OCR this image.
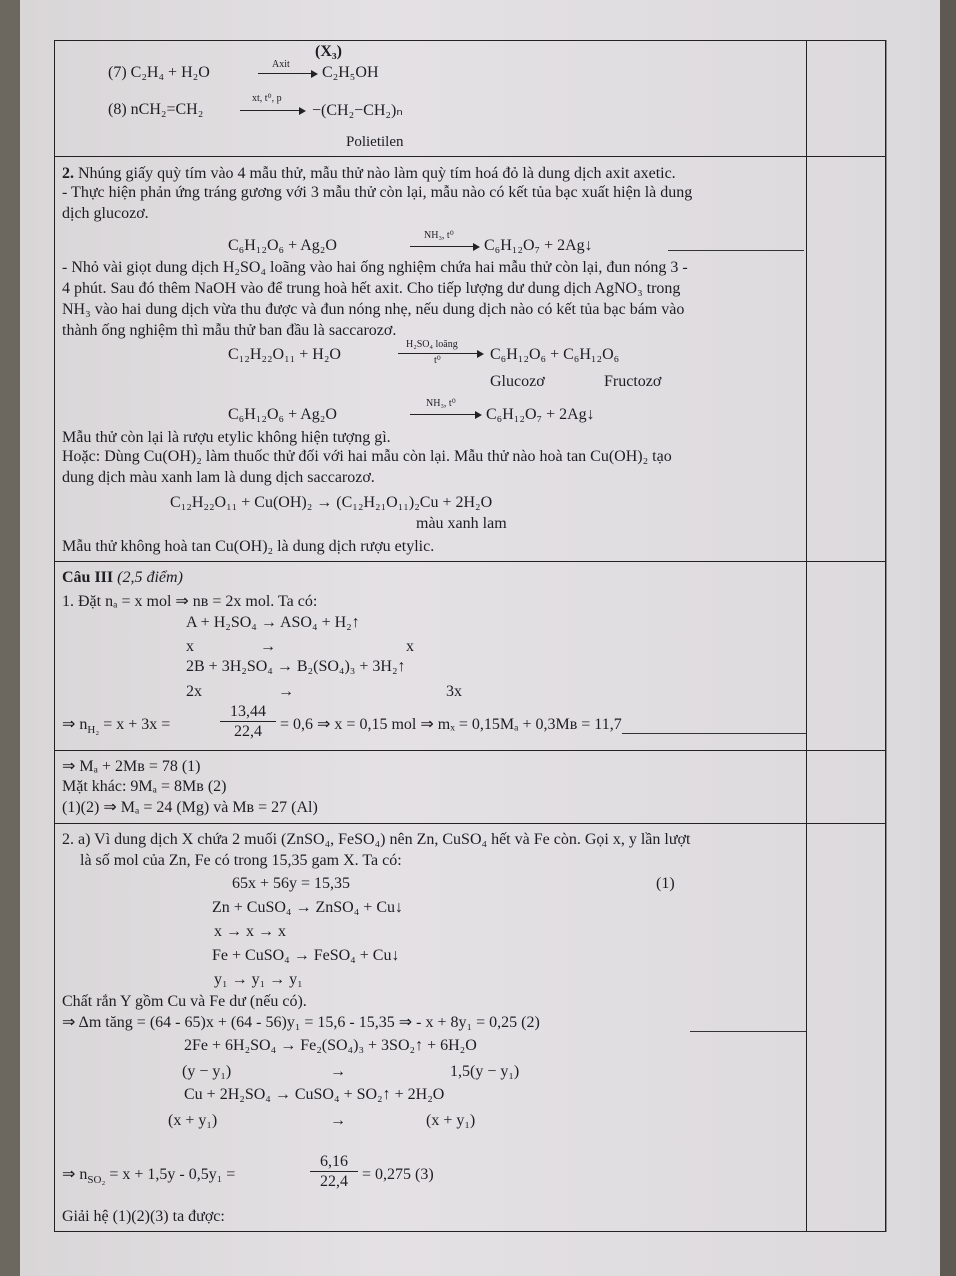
(X₃)
(7) C₂H₄ + H₂O	Axit C₂H₅OH
(8) nCH₂=CH₂
xt, t⁰, p
−(CH₂−CH₂)ₙ
Polietilen
2. Nhúng giấy quỳ tím vào 4 mẫu thử, mẫu thử nào làm quỳ tím hoá đỏ là dung dịch axit axetic.
- Thực hiện phản ứng tráng gương với 3 mẫu thử còn lại, mẫu nào có kết tủa bạc xuất hiện là dung
dịch glucozơ.
C₆H₁₂O₆ + Ag₂O
NH₃, t⁰
C₆H₁₂O₇ + 2Ag↓
- Nhỏ vài giọt dung dịch H₂SO₄ loãng vào hai ống nghiệm chứa hai mẫu thử còn lại, đun nóng 3 -
4 phút. Sau đó thêm NaOH vào để trung hoà hết axit. Cho tiếp lượng dư dung dịch AgNO₃ trong
NH₃ vào hai dung dịch vừa thu được và đun nóng nhẹ, nếu dung dịch nào có kết tủa bạc bám vào
thành ống nghiệm thì mẫu thử ban đầu là saccarozơ.
C₁₂H₂₂O₁₁ + H₂O
H₂SO₄ loãng
t⁰	C₆H₁₂O₆ + C₆H₁₂O₆
Glucozơ	Fructozơ
C₆H₁₂O₆ + Ag₂O
NH₃, t⁰
C₆H₁₂O₇ + 2Ag↓
Mẫu thử còn lại là rượu etylic không hiện tượng gì.
Hoặc: Dùng Cu(OH)₂ làm thuốc thử đối với hai mẫu còn lại. Mẫu thử nào hoà tan Cu(OH)₂ tạo
dung dịch màu xanh lam là dung dịch saccarozơ.
C₁₂H₂₂O₁₁ + Cu(OH)₂ → (C₁₂H₂₁O₁₁)₂Cu + 2H₂O
màu xanh lam
Mẫu thử không hoà tan Cu(OH)₂ là dung dịch rượu etylic.
Câu III (2,5 điểm)
1. Đặt nₐ = x mol ⇒ nʙ = 2x mol. Ta có:
A + H₂SO₄ → ASO₄ + H₂↑
x	→	x
2B + 3H₂SO₄ → B₂(SO₄)₃ + 3H₂↑
2x	→	3x
⇒ $n_{H_2} = x + 3x$ =	$\frac{13,44}{22,4} = 0,6$ ⇒ x = 0,15 mol ⇒ mₓ = 0,15Mₐ + 0,3Mʙ = 11,7
⇒ Mₐ + 2Mʙ = 78 (1)
Mặt khác: 9Mₐ = 8Mʙ (2)
(1)(2) ⇒ Mₐ = 24 (Mg) và Mʙ = 27 (Al)
2. a) Vì dung dịch X chứa 2 muối (ZnSO₄, FeSO₄) nên Zn, CuSO₄ hết và Fe còn. Gọi x, y lần lượt
là số mol của Zn, Fe có trong 15,35 gam X. Ta có:
65x + 56y = 15,35	(1)
Zn + CuSO₄ → ZnSO₄ + Cu↓
x → x → x
Fe + CuSO₄ → FeSO₄ + Cu↓
y₁ → y₁ → y₁
Chất rắn Y gồm Cu và Fe dư (nếu có).
⇒ Δm tăng = (64 - 65)x + (64 - 56)y₁ = 15,6 - 15,35 ⇒ - x + 8y₁ = 0,25 (2)
2Fe + 6H₂SO₄ → Fe₂(SO₄)₃ + 3SO₂↑ + 6H₂O
(y − y₁)	→	1,5(y − y₁)
Cu + 2H₂SO₄ → CuSO₄ + SO₂↑ + 2H₂O
(x + y₁)	→	(x + y₁)
⇒ $n_{SO_2} = x + 1,5y - 0,5y_1$ =	$\frac{6,16}{22,4} = 0,275$ (3)
Giải hệ (1)(2)(3) ta được:
